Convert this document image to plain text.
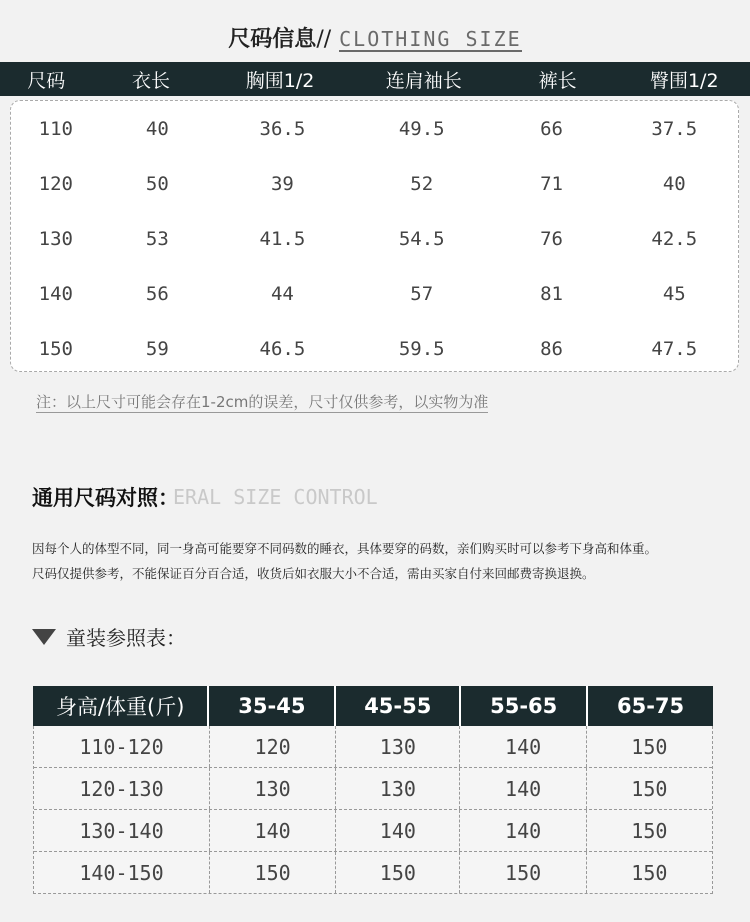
尺码信息 // CLOTHING SIZE
尺码	衣长	胸围1/2	连肩袖长	裤长	臀围1/2
110	40	36.5	49.5	66	37.5
120	50	39	52	71	40
130	53	41.5	54.5	76	42.5
140	56	44	57	81	45
150	59	46.5	59.5	86	47.5
注：以上尺寸可能会存在1-2cm的误差，尺寸仅供参考，以实物为准
通用尺码对照：
ERAL SIZE CONTROL
因每个人的体型不同，同一身高可能要穿不同码数的睡衣，具体要穿的码数，亲们购买时可以参考下身高和体重。
尺码仅提供参考，不能保证百分百合适，收货后如衣服大小不合适，需由买家自付来回邮费寄换退换。
童装参照表：
身高/体重(斤)	35-45	45-55	55-65	65-75
110-120	120	130	140	150
120-130	130	130	140	150
130-140	140	140	140	150
140-150	150	150	150	150
